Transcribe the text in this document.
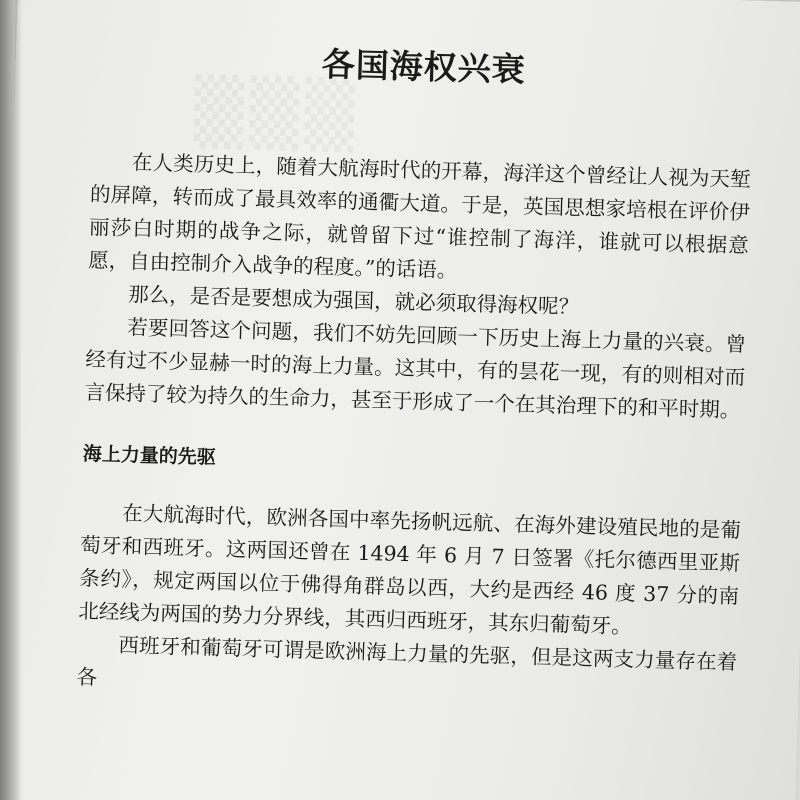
▒▒▒
各国海权兴衰

在人类历史上，随着大航海时代的开幕，海洋这个曾经让人视为天堑的屏障，转而成了最具效率的通衢大道。于是，英国思想家培根在评价伊丽莎白时期的战争之际，就曾留下过“谁控制了海洋，谁就可以根据意愿，自由控制介入战争的程度。”的话语。

那么，是否是要想成为强国，就必须取得海权呢？

若要回答这个问题，我们不妨先回顾一下历史上海上力量的兴衰。曾经有过不少显赫一时的海上力量。这其中，有的昙花一现，有的则相对而言保持了较为持久的生命力，甚至于形成了一个在其治理下的和平时期。

海上力量的先驱

在大航海时代，欧洲各国中率先扬帆远航、在海外建设殖民地的是葡萄牙和西班牙。这两国还曾在 1494 年 6 月 7 日签署《托尔德西里亚斯条约》，规定两国以位于佛得角群岛以西，大约是西经 46 度 37 分的南北经线为两国的势力分界线，其西归西班牙，其东归葡萄牙。

西班牙和葡萄牙可谓是欧洲海上力量的先驱，但是这两支力量存在着各
